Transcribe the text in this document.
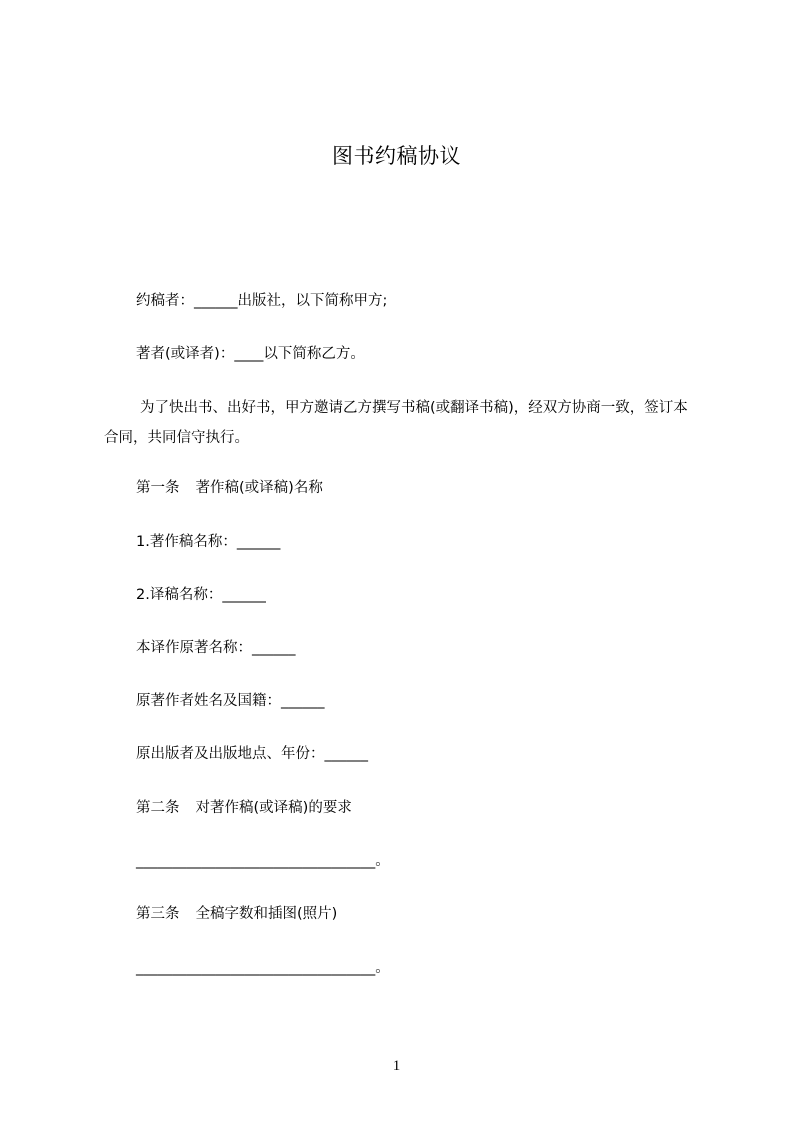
图书约稿协议
约稿者：______出版社，以下简称甲方;
著者(或译者)：____以下简称乙方。
为了快出书、出好书，甲方邀请乙方撰写书稿(或翻译书稿)，经双方协商一致，签订本合同，共同信守执行。
第一条 著作稿(或译稿)名称
1.著作稿名称：______
2.译稿名称：______
本译作原著名称：______
原著作者姓名及国籍：______
原出版者及出版地点、年份：______
第二条 对著作稿(或译稿)的要求
_________________________________。
第三条 全稿字数和插图(照片)
_________________________________。
1
